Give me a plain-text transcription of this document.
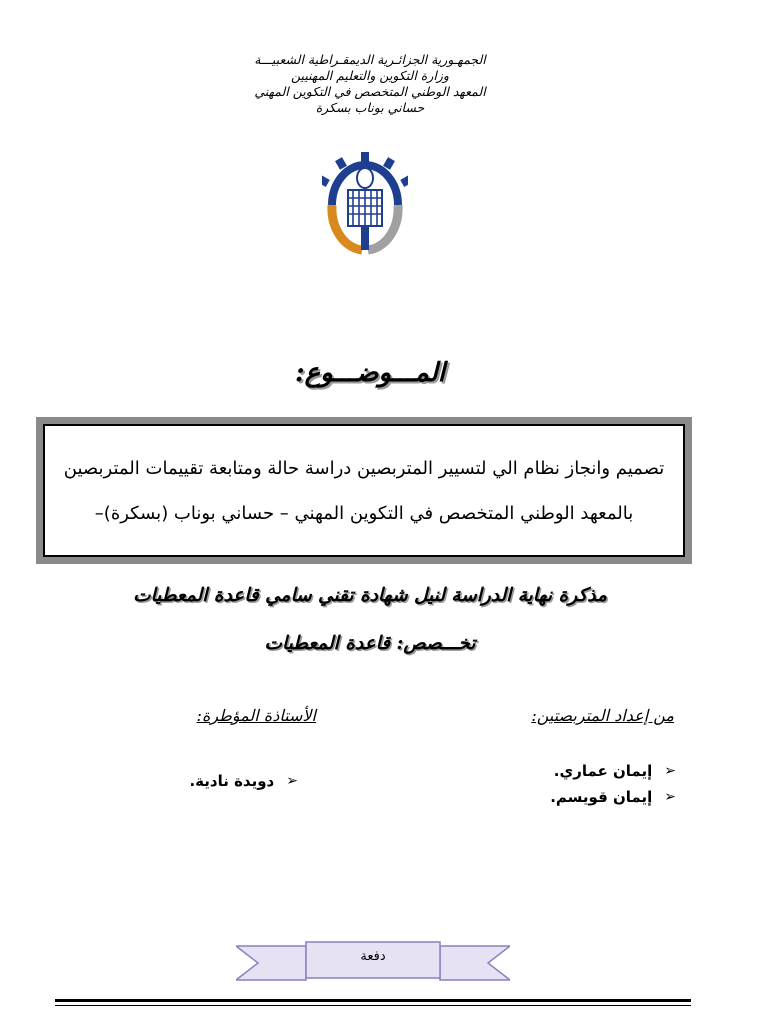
الجمهـورية الجزائـرية الديمقـراطية الشعبيـــة
وزارة التكوين والتعليم المهنيين
المعهد الوطني المتخصص في التكوين المهني
حساني بوناب بسكرة
المـــوضـــوع:
تصميم وانجاز نظام الي لتسيير المتربصين دراسة حالة ومتابعة تقييمات المتربصين
بالمعهد الوطني المتخصص في التكوين المهني – حساني بوناب (بسكرة)–
مذكرة نهاية الدراسة لنيل شهادة تقني سامي قاعدة المعطيات
تخـــصص: قاعدة المعطيات
من إعداد المتربصتين:
الأستاذة المؤطرة:
➢
إيمان عماري.
➢
إيمان قويسم.
➢
دويدة نادية.
دفعة
